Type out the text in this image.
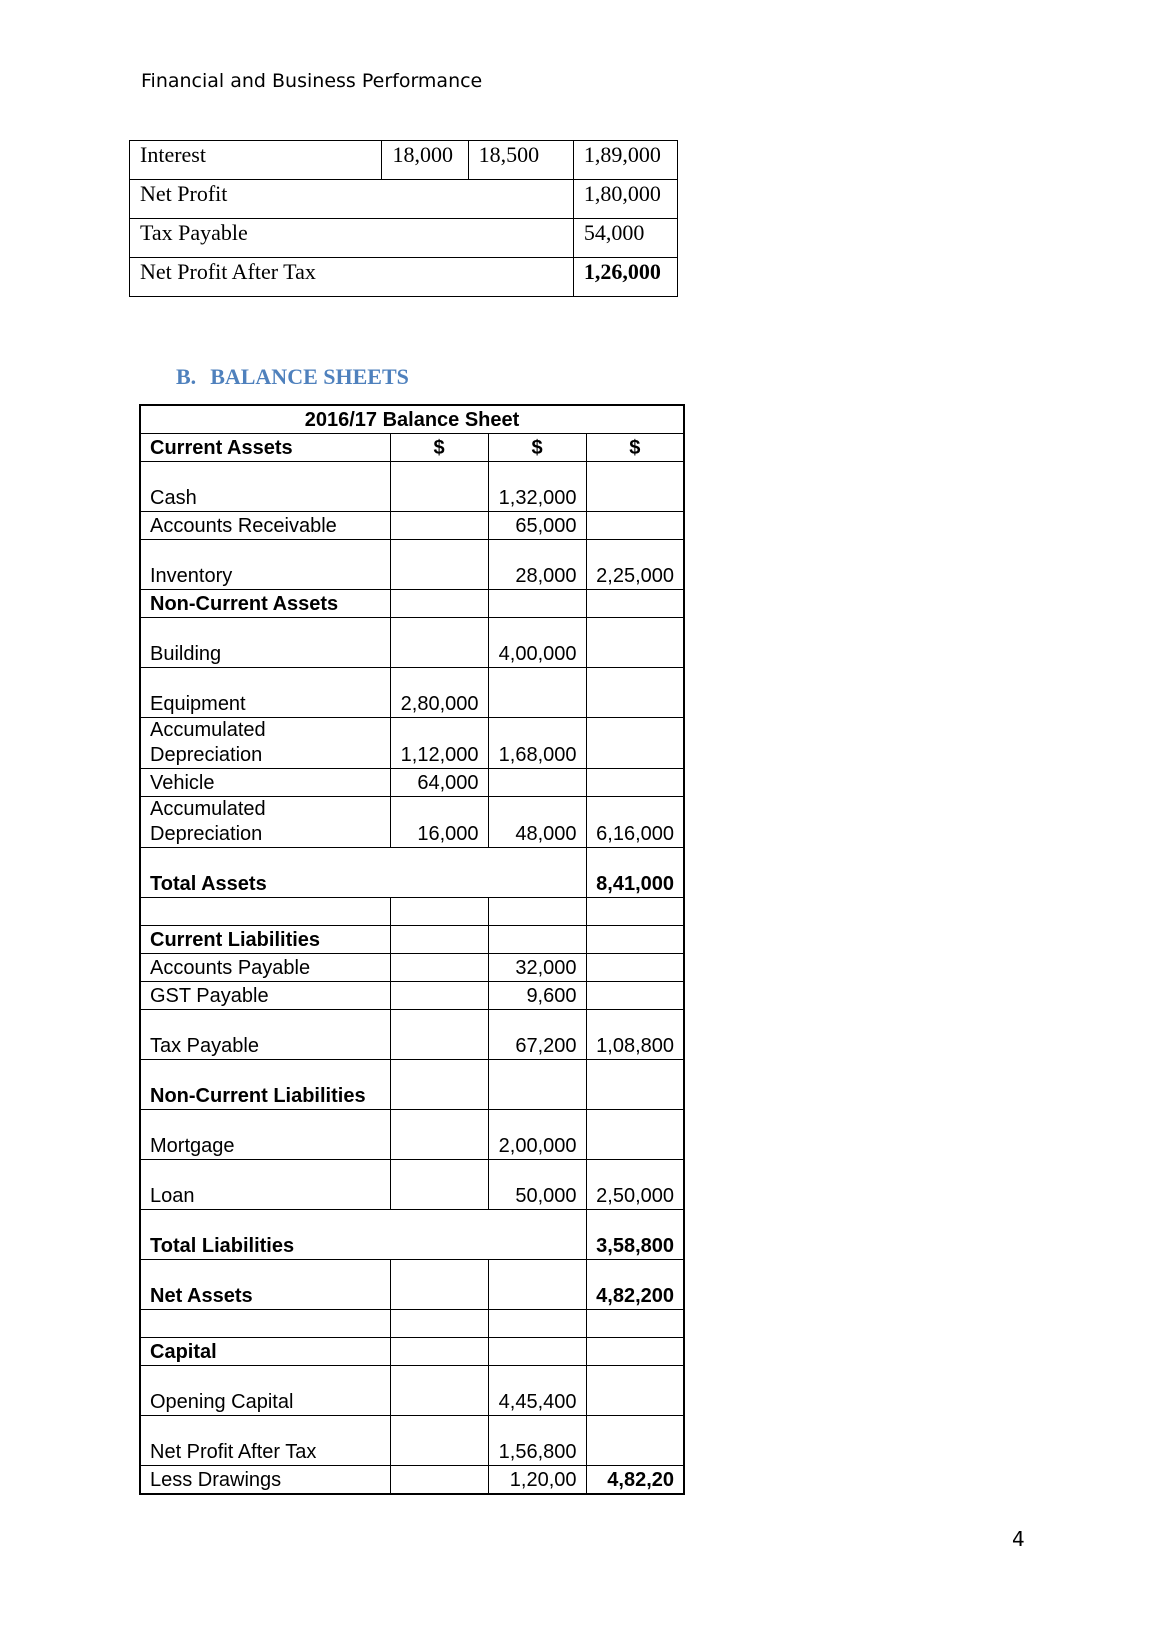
Financial and Business Performance
Interest	18,000	18,500	1,89,000
Net Profit			1,80,000
Tax Payable			54,000
Net Profit After Tax			1,26,000
B. BALANCE SHEETS
2016/17 Balance Sheet			
Current Assets	$	$	$
Cash		1,32,000	
Accounts Receivable		65,000	
Inventory		28,000	2,25,000
Non-Current Assets			
Building		4,00,000	
Equipment	2,80,000		
Accumulated Depreciation	1,12,000	1,68,000	
Vehicle	64,000		
Accumulated Depreciation	16,000	48,000	6,16,000
Total Assets			8,41,000

Current Liabilities			
Accounts Payable		32,000	
GST Payable		9,600	
Tax Payable		67,200	1,08,800
Non-Current Liabilities			
Mortgage		2,00,000	
Loan		50,000	2,50,000
Total Liabilities			3,58,800
Net Assets			4,82,200

Capital			
Opening Capital		4,45,400	
Net Profit After Tax		1,56,800	
Less Drawings		1,20,00	4,82,20
4
